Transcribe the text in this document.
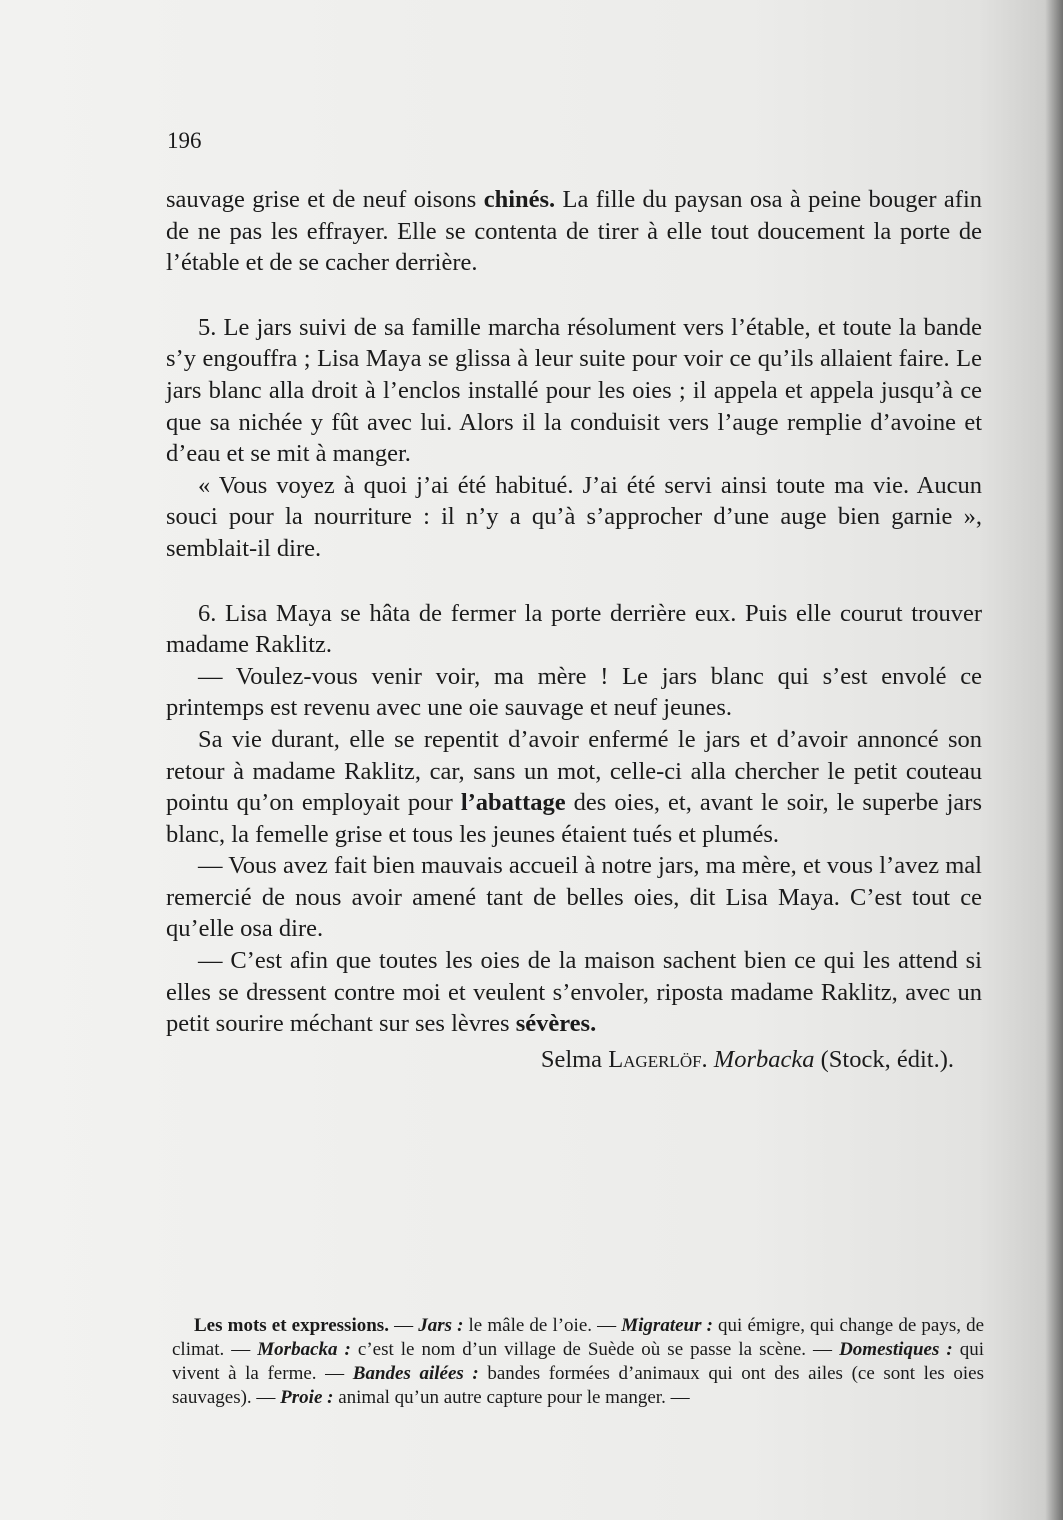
196

sauvage grise et de neuf oisons chinés. La fille du paysan osa à peine bouger afin de ne pas les effrayer. Elle se contenta de tirer à elle tout doucement la porte de l’étable et de se cacher derrière.

5. Le jars suivi de sa famille marcha résolument vers l’étable, et toute la bande s’y engouffra ; Lisa Maya se glissa à leur suite pour voir ce qu’ils allaient faire. Le jars blanc alla droit à l’enclos installé pour les oies ; il appela et appela jusqu’à ce que sa nichée y fût avec lui. Alors il la conduisit vers l’auge remplie d’avoine et d’eau et se mit à manger.

« Vous voyez à quoi j’ai été habitué. J’ai été servi ainsi toute ma vie. Aucun souci pour la nourriture : il n’y a qu’à s’approcher d’une auge bien garnie », semblait-il dire.

6. Lisa Maya se hâta de fermer la porte derrière eux. Puis elle courut trouver madame Raklitz.

— Voulez-vous venir voir, ma mère ! Le jars blanc qui s’est envolé ce printemps est revenu avec une oie sauvage et neuf jeunes.

Sa vie durant, elle se repentit d’avoir enfermé le jars et d’avoir annoncé son retour à madame Raklitz, car, sans un mot, celle-ci alla chercher le petit couteau pointu qu’on employait pour l’abattage des oies, et, avant le soir, le superbe jars blanc, la femelle grise et tous les jeunes étaient tués et plumés.

— Vous avez fait bien mauvais accueil à notre jars, ma mère, et vous l’avez mal remercié de nous avoir amené tant de belles oies, dit Lisa Maya. C’est tout ce qu’elle osa dire.

— C’est afin que toutes les oies de la maison sachent bien ce qui les attend si elles se dressent contre moi et veulent s’envoler, riposta madame Raklitz, avec un petit sourire méchant sur ses lèvres sévères.

Selma Lagerlöf. Morbacka (Stock, édit.).

Les mots et expressions. — Jars : le mâle de l’oie. — Migrateur : qui émigre, qui change de pays, de climat. — Morbacka : c’est le nom d’un village de Suède où se passe la scène. — Domestiques : qui vivent à la ferme. — Bandes ailées : bandes formées d’animaux qui ont des ailes (ce sont les oies sauvages). — Proie : animal qu’un autre capture pour le manger. —
